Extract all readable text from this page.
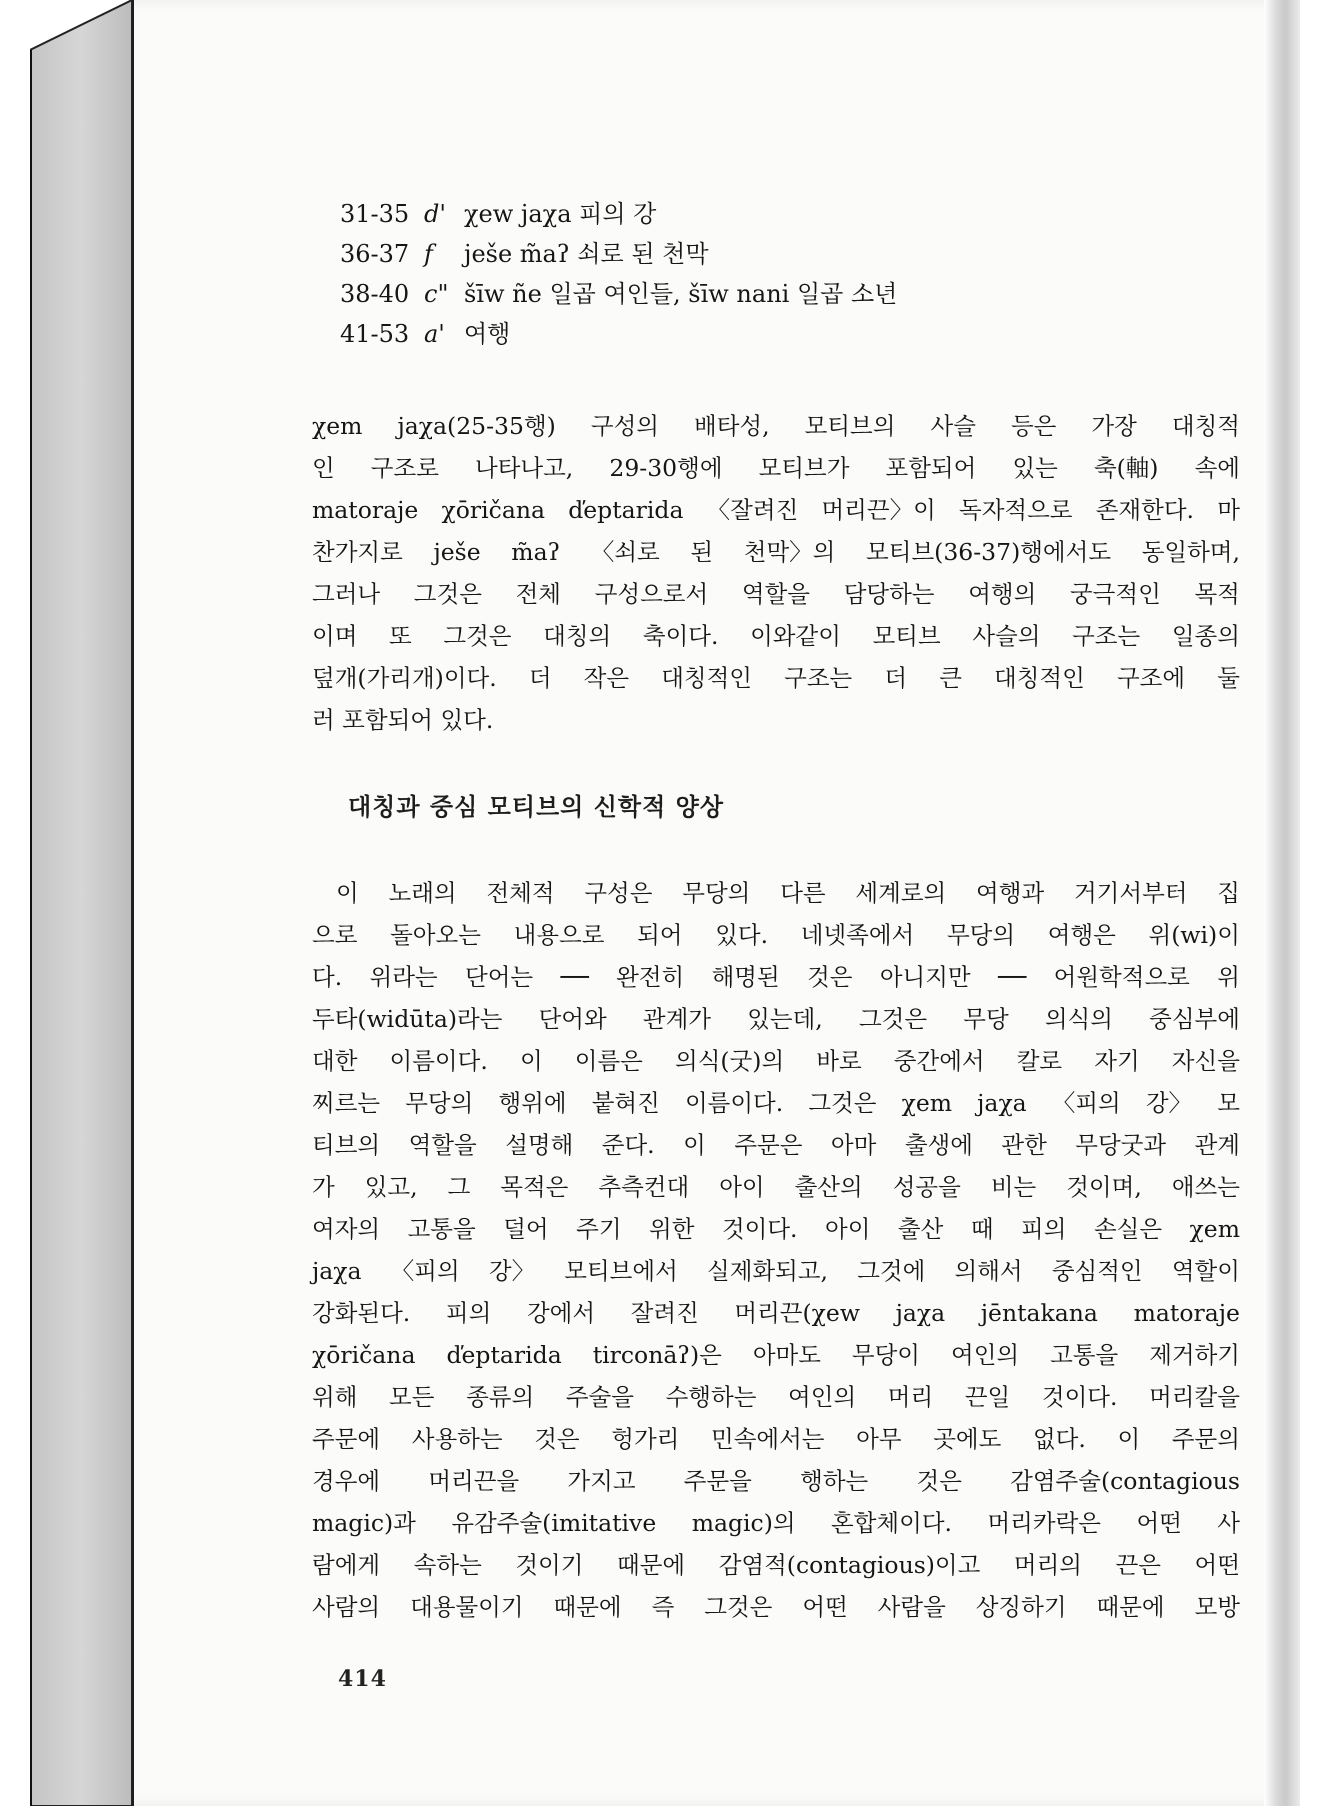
31-35 d' χew jaχa 피의 강
36-37 f ješe m̃aʔ 쇠로 된 천막
38-40 c" šīw ñe 일곱 여인들, šīw nani 일곱 소년
41-53 a' 여행
χem jaχa(25-35행) 구성의 배타성, 모티브의 사슬 등은 가장 대칭적
인 구조로 나타나고, 29-30행에 모티브가 포함되어 있는 축(軸) 속에
matoraje χōričana ďeptarida 〈잘려진 머리끈〉이 독자적으로 존재한다. 마
찬가지로 ješe m̃aʔ 〈쇠로 된 천막〉의 모티브(36-37)행에서도 동일하며,
그러나 그것은 전체 구성으로서 역할을 담당하는 여행의 궁극적인 목적
이며 또 그것은 대칭의 축이다. 이와같이 모티브 사슬의 구조는 일종의
덮개(가리개)이다. 더 작은 대칭적인 구조는 더 큰 대칭적인 구조에 둘
러 포함되어 있다.
대칭과 중심 모티브의 신학적 양상
이 노래의 전체적 구성은 무당의 다른 세계로의 여행과 거기서부터 집
으로 돌아오는 내용으로 되어 있다. 네넷족에서 무당의 여행은 위(wi)이
다. 위라는 단어는 ── 완전히 해명된 것은 아니지만 ── 어원학적으로 위
두타(widūta)라는 단어와 관계가 있는데, 그것은 무당 의식의 중심부에
대한 이름이다. 이 이름은 의식(굿)의 바로 중간에서 칼로 자기 자신을
찌르는 무당의 행위에 붙혀진 이름이다. 그것은 χem jaχa 〈피의 강〉 모
티브의 역할을 설명해 준다. 이 주문은 아마 출생에 관한 무당굿과 관계
가 있고, 그 목적은 추측컨대 아이 출산의 성공을 비는 것이며, 애쓰는
여자의 고통을 덜어 주기 위한 것이다. 아이 출산 때 피의 손실은 χem
jaχa 〈피의 강〉 모티브에서 실제화되고, 그것에 의해서 중심적인 역할이
강화된다. 피의 강에서 잘려진 머리끈(χew jaχa jēntakana matoraje
χōričana ďeptarida tirconāʔ)은 아마도 무당이 여인의 고통을 제거하기
위해 모든 종류의 주술을 수행하는 여인의 머리 끈일 것이다. 머리칼을
주문에 사용하는 것은 헝가리 민속에서는 아무 곳에도 없다. 이 주문의
경우에 머리끈을 가지고 주문을 행하는 것은 감염주술(contagious
magic)과 유감주술(imitative magic)의 혼합체이다. 머리카락은 어떤 사
람에게 속하는 것이기 때문에 감염적(contagious)이고 머리의 끈은 어떤
사람의 대용물이기 때문에 즉 그것은 어떤 사람을 상징하기 때문에 모방
414
